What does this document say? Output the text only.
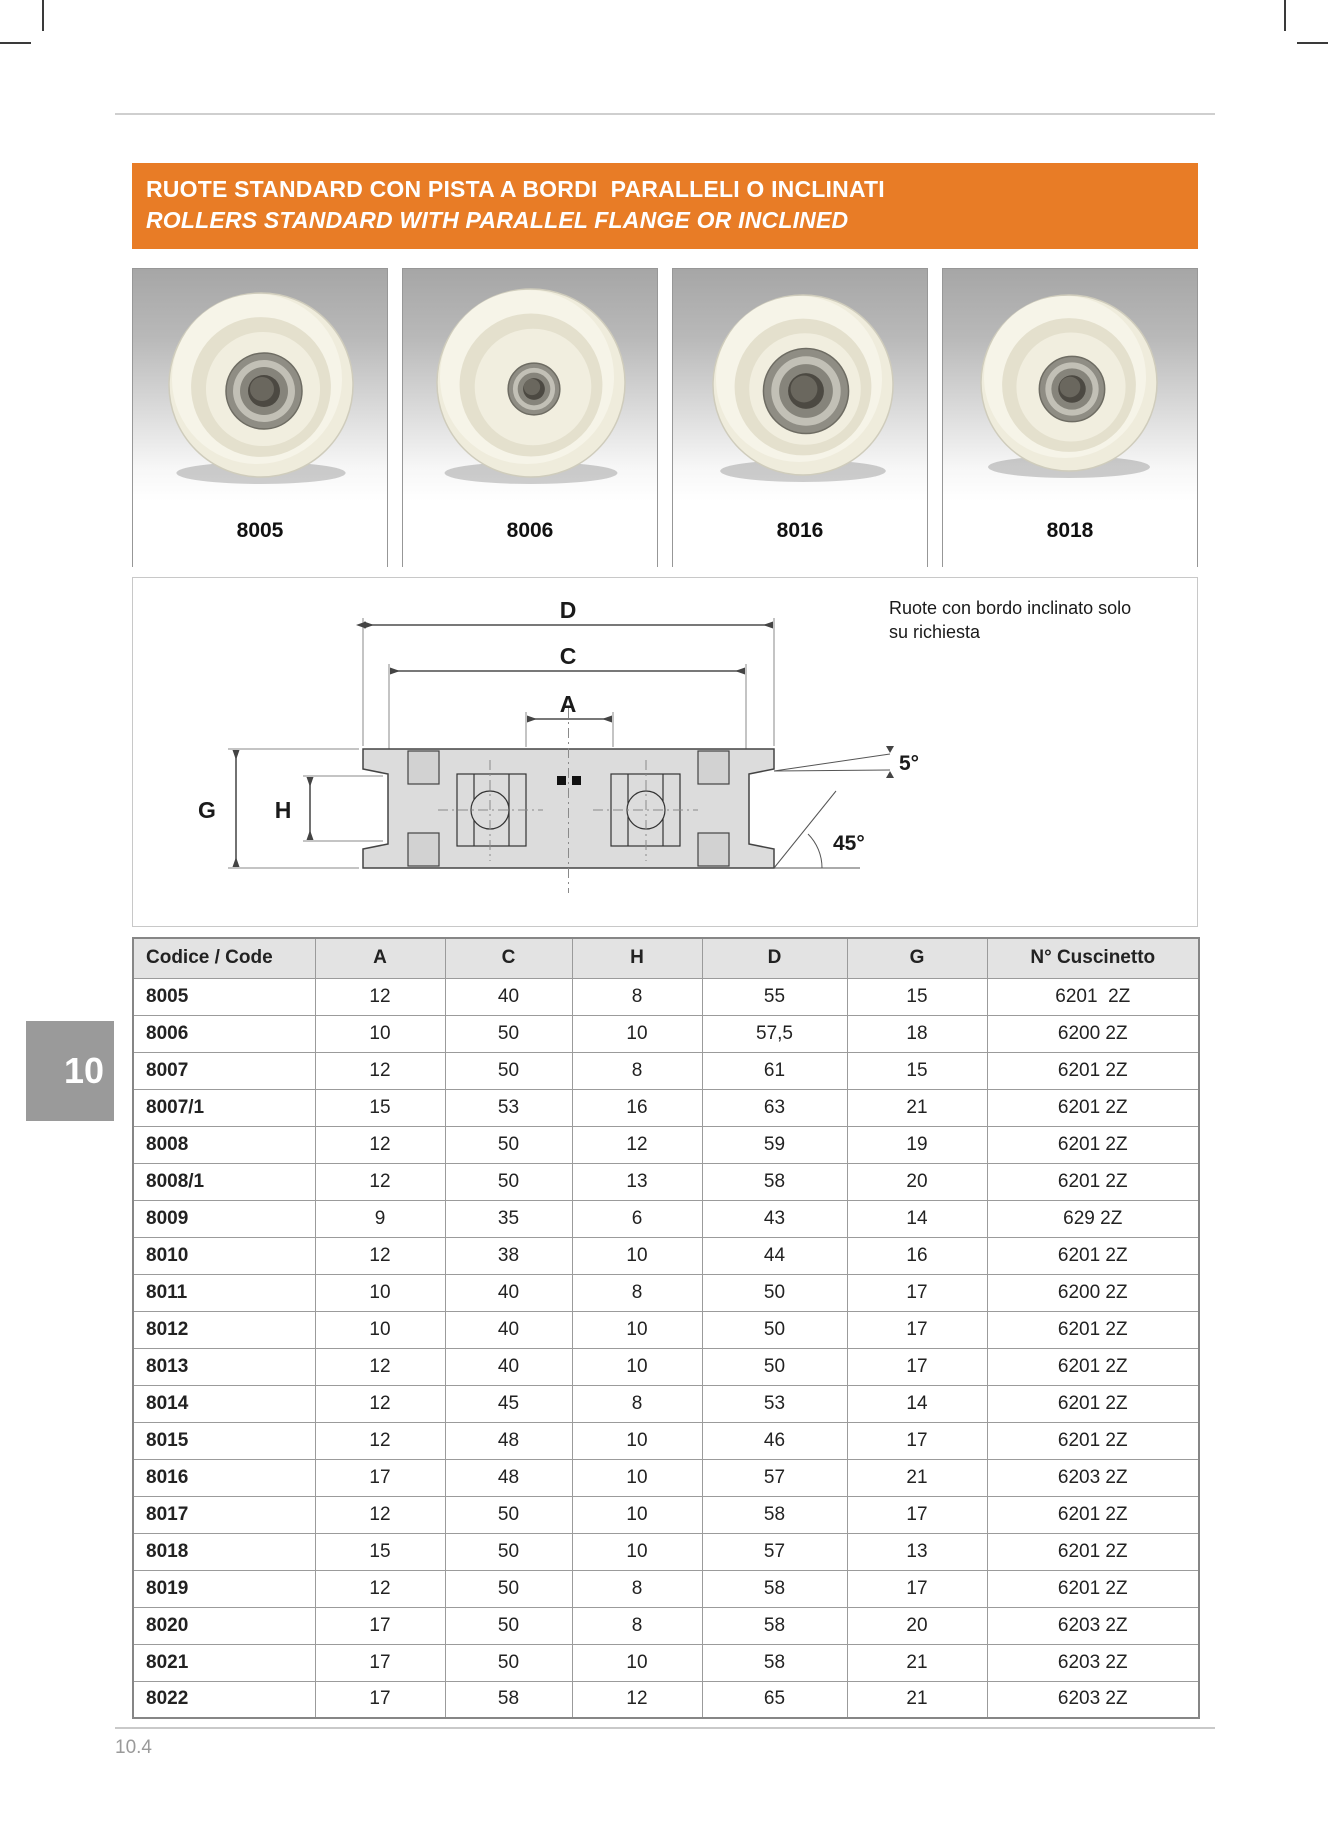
RUOTE STANDARD CON PISTA A BORDI  PARALLELI O INCLINATI
ROLLERS STANDARD WITH PARALLEL FLANGE OR INCLINED
8005	8006	8016	8018
D
C
A
G	H
5°
45°
Ruote con bordo inclinato solo
su richiesta
Codice / Code	A	C	H	D	G	N° Cuscinetto
8005	12	40	8	55	15	6201  2Z
8006	10	50	10	57,5	18	6200 2Z
8007	12	50	8	61	15	6201 2Z
8007/1	15	53	16	63	21	6201 2Z
8008	12	50	12	59	19	6201 2Z
8008/1	12	50	13	58	20	6201 2Z
8009	9	35	6	43	14	629 2Z
8010	12	38	10	44	16	6201 2Z
8011	10	40	8	50	17	6200 2Z
8012	10	40	10	50	17	6201 2Z
8013	12	40	10	50	17	6201 2Z
8014	12	45	8	53	14	6201 2Z
8015	12	48	10	46	17	6201 2Z
8016	17	48	10	57	21	6203 2Z
8017	12	50	10	58	17	6201 2Z
8018	15	50	10	57	13	6201 2Z
8019	12	50	8	58	17	6201 2Z
8020	17	50	8	58	20	6203 2Z
8021	17	50	10	58	21	6203 2Z
8022	17	58	12	65	21	6203 2Z
10
10.4
